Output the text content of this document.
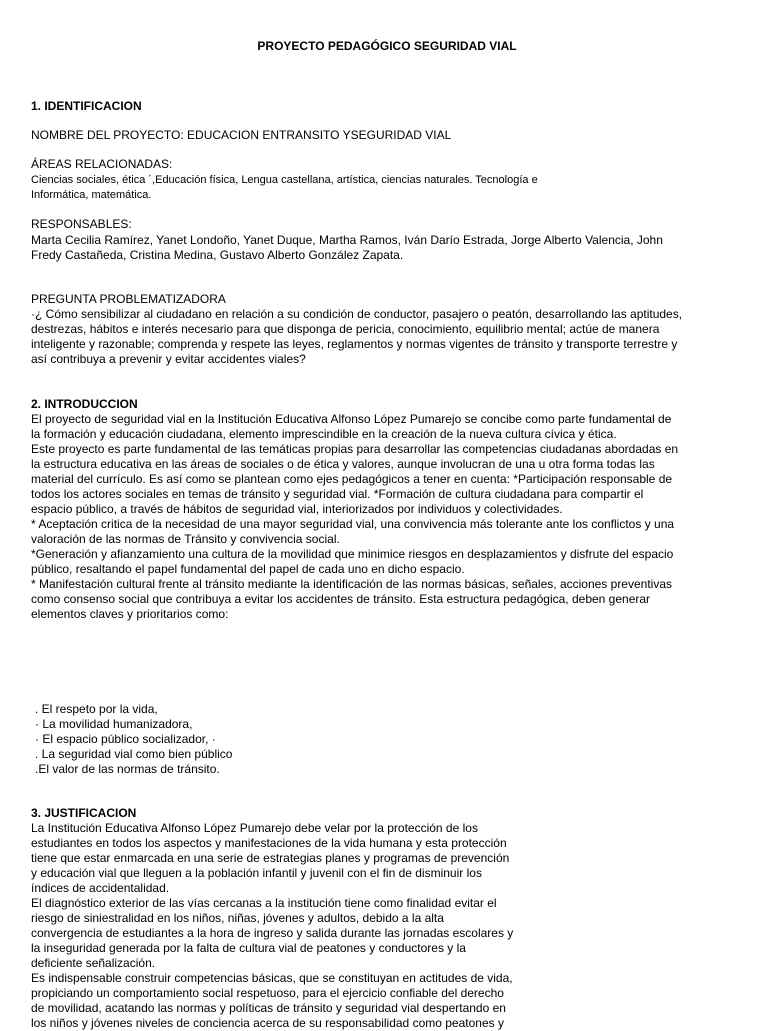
PROYECTO PEDAGÓGICO SEGURIDAD VIAL
1. IDENTIFICACION
NOMBRE DEL PROYECTO: EDUCACION ENTRANSITO YSEGURIDAD VIAL
ÁREAS RELACIONADAS:
Ciencias sociales, ética ´,Educación física, Lengua castellana, artística, ciencias naturales. Tecnología e
Informática, matemática.
RESPONSABLES:
Marta Cecilia Ramírez, Yanet Londoño, Yanet Duque, Martha Ramos, Iván Darío Estrada, Jorge Alberto Valencia, John
Fredy Castañeda, Cristina Medina, Gustavo Alberto González Zapata.
PREGUNTA PROBLEMATIZADORA
·¿ Cómo sensibilizar al ciudadano en relación a su condición de conductor, pasajero o peatón, desarrollando las aptitudes,
destrezas, hábitos e interés necesario para que disponga de pericia, conocimiento, equilibrio mental; actúe de manera
inteligente y razonable; comprenda y respete las leyes, reglamentos y normas vigentes de tránsito y transporte terrestre y
así contribuya a prevenir y evitar accidentes viales?
2. INTRODUCCION
El proyecto de seguridad vial en la Institución Educativa Alfonso López Pumarejo se concibe como parte fundamental de
la formación y educación ciudadana, elemento imprescindible en la creación de la nueva cultura cívica y ética.
Este proyecto es parte fundamental de las temáticas propias para desarrollar las competencias ciudadanas abordadas en
la estructura educativa en las áreas de sociales o de ética y valores, aunque involucran de una u otra forma todas las
material del currículo. Es así como se plantean como ejes pedagógicos a tener en cuenta: *Participación responsable de
todos los actores sociales en temas de tránsito y seguridad vial. *Formación de cultura ciudadana para compartir el
espacio público, a través de hábitos de seguridad vial, interiorizados por individuos y colectividades.
* Aceptación critica de la necesidad de una mayor seguridad vial, una convivencia más tolerante ante los conflictos y una
valoración de las normas de Tránsito y convivencia social.
*Generación y afianzamiento una cultura de la movilidad que minimice riesgos en desplazamientos y disfrute del espacio
público, resaltando el papel fundamental del papel de cada uno en dicho espacio.
* Manifestación cultural frente al tránsito mediante la identificación de las normas básicas, señales, acciones preventivas
como consenso social que contribuya a evitar los accidentes de tránsito. Esta estructura pedagógica, deben generar
elementos claves y prioritarios como:
. El respeto por la vida,
· La movilidad humanizadora,
· El espacio público socializador, ·
. La seguridad vial como bien público
.El valor de las normas de tránsito.
3. JUSTIFICACION
La Institución Educativa Alfonso López Pumarejo debe velar por la protección de los
estudiantes en todos los aspectos y manifestaciones de la vida humana y esta protección
tiene que estar enmarcada en una serie de estrategias planes y programas de prevención
y educación vial que lleguen a la población infantil y juvenil con el fin de disminuir los
índices de accidentalidad.
El diagnóstico exterior de las vías cercanas a la institución tiene como finalidad evitar el
riesgo de siniestralidad en los niños, niñas, jóvenes y adultos, debido a la alta
convergencia de estudiantes a la hora de ingreso y salida durante las jornadas escolares y
la inseguridad generada por la falta de cultura vial de peatones y conductores y la
deficiente señalización.
Es indispensable construir competencias básicas, que se constituyan en actitudes de vida,
propiciando un comportamiento social respetuoso, para el ejercicio confiable del derecho
de movilidad, acatando las normas y políticas de tránsito y seguridad vial despertando en
los niños y jóvenes niveles de conciencia acerca de su responsabilidad como peatones y
